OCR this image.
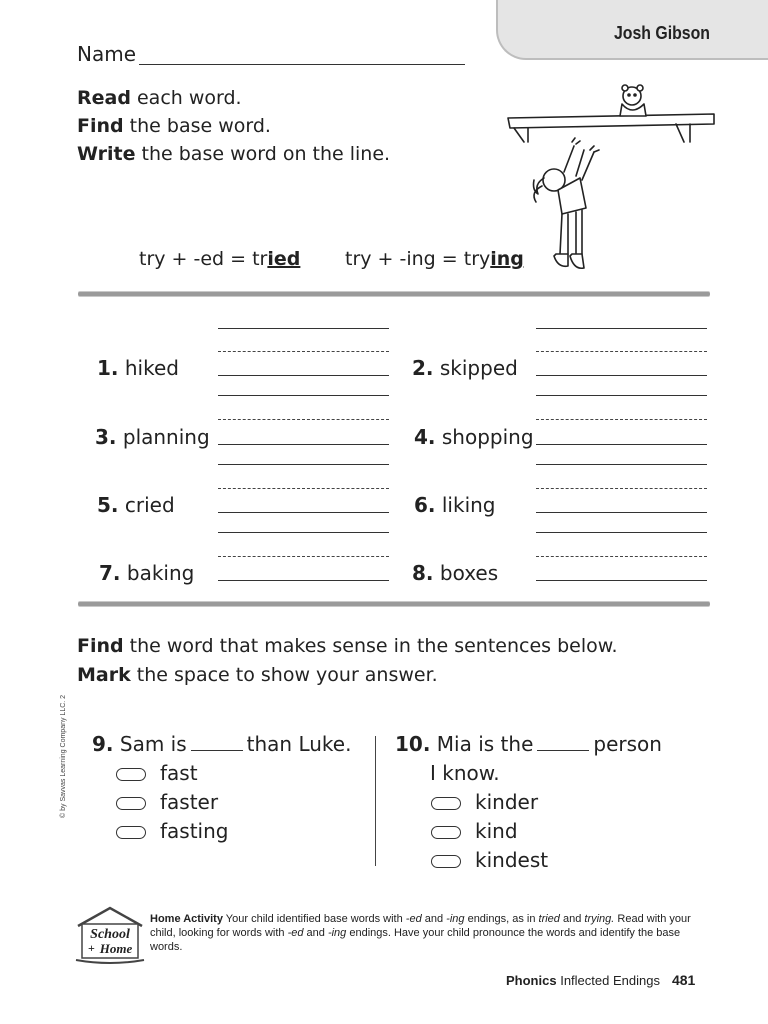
Josh Gibson
Name
Read each word.
Find the base word.
Write the base word on the line.
try + -ed = tried try + -ing = trying
1. hiked	2. skipped
3. planning	4. shopping
5. cried	6. liking
7. baking	8. boxes
Find the word that makes sense in the sentences below.
Mark the space to show your answer.
9. Sam is	than Luke.
fast
faster
fasting
10. Mia is the	person
I know.
kinder
kind
kindest
© by Savvas Learning Company LLC. 2
School
+ Home
Home Activity Your child identified base words with -ed and -ing endings, as in tried and trying. Read with your child, looking for words with -ed and -ing endings. Have your child pronounce the words and identify the base words.
Phonics Inflected Endings 481
